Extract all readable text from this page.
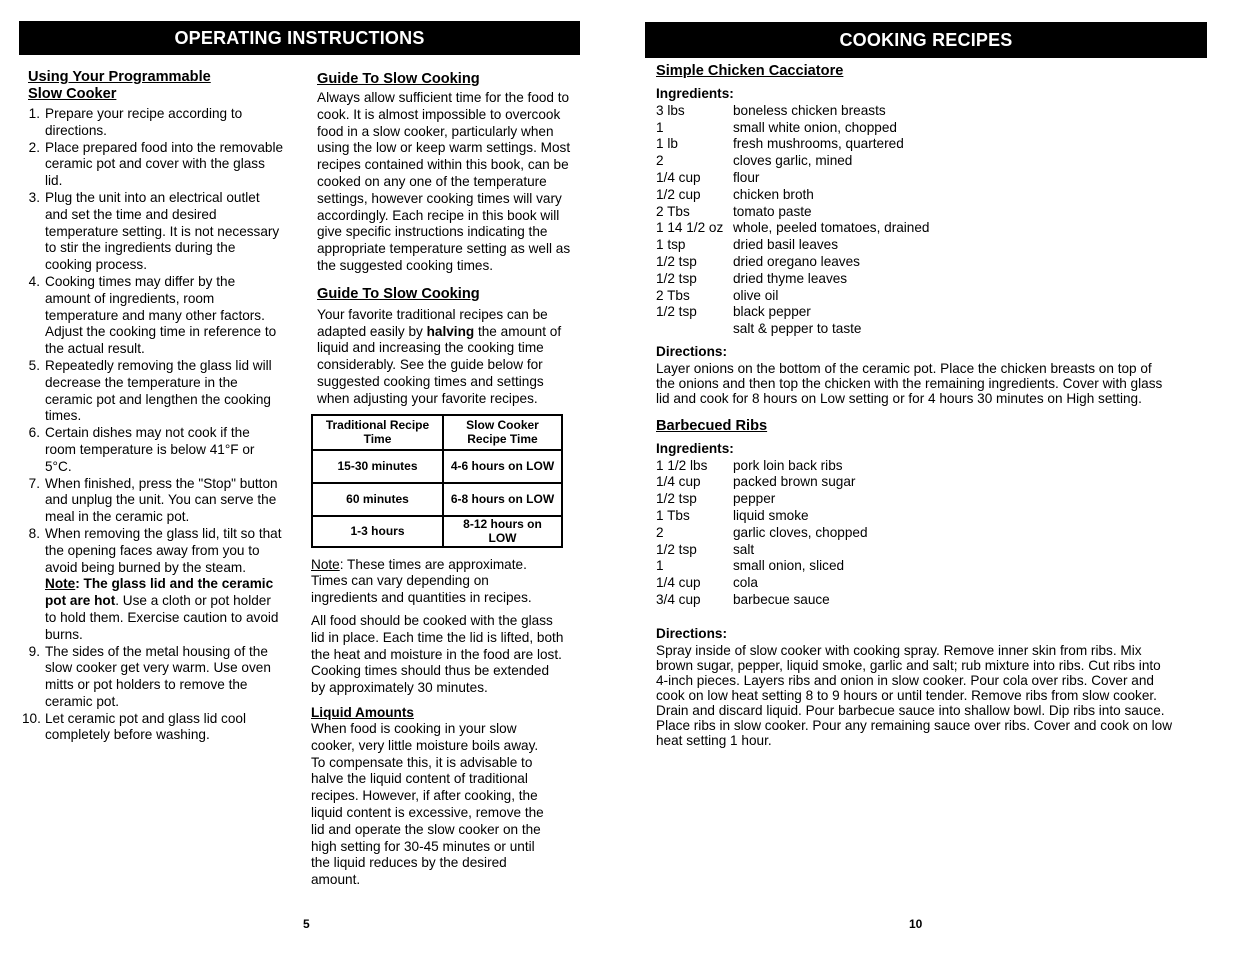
OPERATING INSTRUCTIONS
Using Your Programmable
Slow Cooker
1. Prepare your recipe according to directions.
2. Place prepared food into the removable ceramic pot and cover with the glass lid.
3. Plug the unit into an electrical outlet and set the time and desired temperature setting. It is not necessary to stir the ingredients during the cooking process.
4. Cooking times may differ by the amount of ingredients, room temperature and many other factors. Adjust the cooking time in reference to the actual result.
5. Repeatedly removing the glass lid will decrease the temperature in the ceramic pot and lengthen the cooking times.
6. Certain dishes may not cook if the room temperature is below 41°F or 5°C.
7. When finished, press the "Stop" button and unplug the unit. You can serve the meal in the ceramic pot.
8. When removing the glass lid, tilt so that the opening faces away from you to avoid being burned by the steam. Note: The glass lid and the ceramic pot are hot. Use a cloth or pot holder to hold them. Exercise caution to avoid burns.
9. The sides of the metal housing of the slow cooker get very warm. Use oven mitts or pot holders to remove the ceramic pot.
10. Let ceramic pot and glass lid cool completely before washing.
Guide To Slow Cooking

Always allow sufficient time for the food to cook. It is almost impossible to overcook food in a slow cooker, particularly when using the low or keep warm settings. Most recipes contained within this book, can be cooked on any one of the temperature settings, however cooking times will vary accordingly. Each recipe in this book will give specific instructions indicating the appropriate temperature setting as well as the suggested cooking times.

Guide To Slow Cooking

Your favorite traditional recipes can be adapted easily by halving the amount of liquid and increasing the cooking time considerably. See the guide below for suggested cooking times and settings when adjusting your favorite recipes.

Traditional Recipe Time	Slow Cooker Recipe Time
15-30 minutes	4-6 hours on LOW
60 minutes	6-8 hours on LOW
1-3 hours	8-12 hours on LOW

Note: These times are approximate. Times can vary depending on ingredients and quantities in recipes.

All food should be cooked with the glass lid in place. Each time the lid is lifted, both the heat and moisture in the food are lost. Cooking times should thus be extended by approximately 30 minutes.

Liquid Amounts

When food is cooking in your slow cooker, very little moisture boils away. To compensate this, it is advisable to halve the liquid content of traditional recipes. However, if after cooking, the liquid content is excessive, remove the lid and operate the slow cooker on the high setting for 30-45 minutes or until the liquid reduces by the desired amount.

5
COOKING RECIPES
Simple Chicken Cacciatore
Ingredients:
3 lbs	boneless chicken breasts
1	small white onion, chopped
1 lb	fresh mushrooms, quartered
2	cloves garlic, mined
1/4 cup	flour
1/2 cup	chicken broth
2 Tbs	tomato paste
1 14 1/2 oz whole, peeled tomatoes, drained
1 tsp	dried basil leaves
1/2 tsp	dried oregano leaves
1/2 tsp	dried thyme leaves
2 Tbs	olive oil
1/2 tsp	black pepper
salt & pepper to taste
Directions:

Layer onions on the bottom of the ceramic pot. Place the chicken breasts on top of the onions and then top the chicken with the remaining ingredients. Cover with glass lid and cook for 8 hours on Low setting or for 4 hours 30 minutes on High setting.

Barbecued Ribs
Ingredients:
1 1/2 lbs	pork loin back ribs
1/4 cup	packed brown sugar
1/2 tsp	pepper
1 Tbs	liquid smoke
2	garlic cloves, chopped
1/2 tsp	salt
1	small onion, sliced
1/4 cup	cola
3/4 cup	barbecue sauce
Directions:

Spray inside of slow cooker with cooking spray. Remove inner skin from ribs. Mix brown sugar, pepper, liquid smoke, garlic and salt; rub mixture into ribs. Cut ribs into 4-inch pieces. Layers ribs and onion in slow cooker. Pour cola over ribs. Cover and cook on low heat setting 8 to 9 hours or until tender. Remove ribs from slow cooker. Drain and discard liquid. Pour barbecue sauce into shallow bowl. Dip ribs into sauce. Place ribs in slow cooker. Pour any remaining sauce over ribs. Cover and cook on low heat setting 1 hour.

10
